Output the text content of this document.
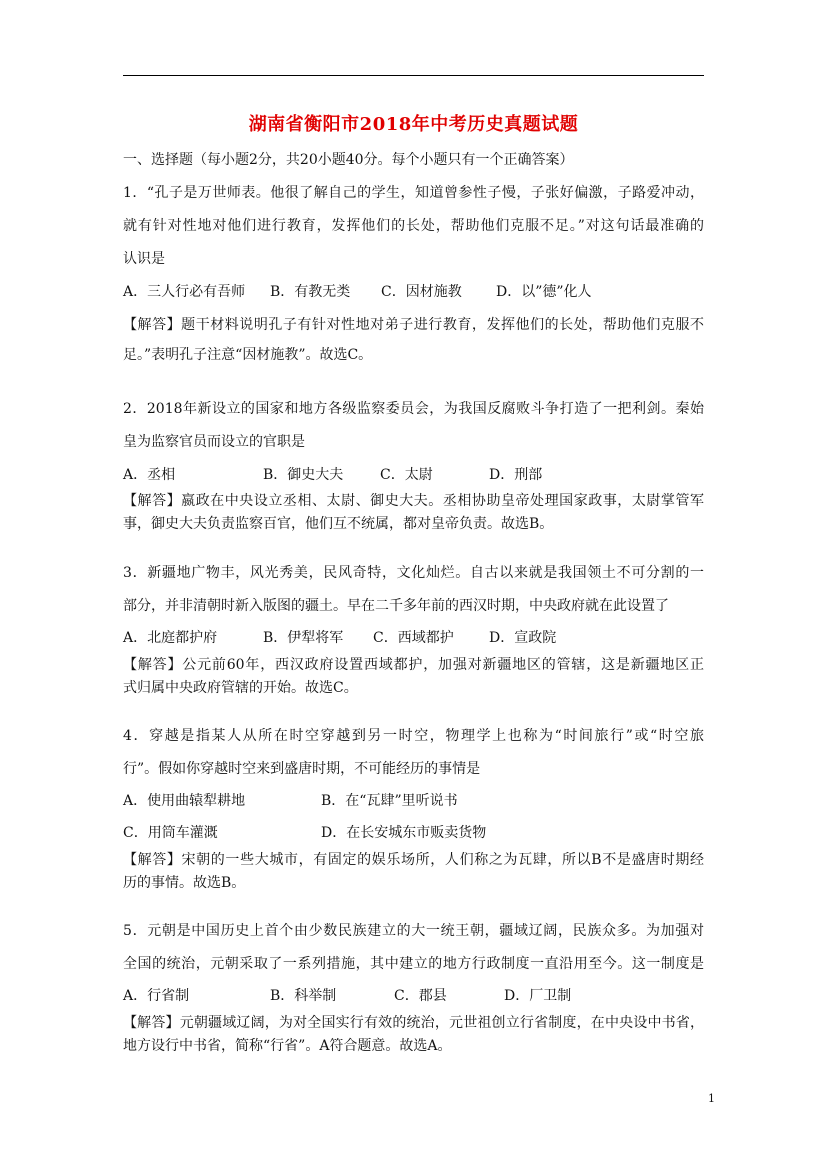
湖南省衡阳市2018年中考历史真题试题
一、选择题（每小题2分，共20小题40分。每个小题只有一个正确答案）
1．“孔子是万世师表。他很了解自己的学生，知道曾参性子慢，子张好偏激，子路爱冲动，
就有针对性地对他们进行教育，发挥他们的长处，帮助他们克服不足。”对这句话最准确的
认识是
A．三人行必有吾师 B．有教无类 C．因材施教 D．以”德”化人
【解答】题干材料说明孔子有针对性地对弟子进行教育，发挥他们的长处，帮助他们克服不
足。”表明孔子注意“因材施教”。故选C。
2．2018年新设立的国家和地方各级监察委员会，为我国反腐败斗争打造了一把利剑。秦始
皇为监察官员而设立的官职是
A．丞相	B．御史大夫	C．太尉	D．刑部
【解答】嬴政在中央设立丞相、太尉、御史大夫。丞相协助皇帝处理国家政事，太尉掌管军
事，御史大夫负责监察百官，他们互不统属，都对皇帝负责。故选B。
3．新疆地广物丰，风光秀美，民风奇特，文化灿烂。自古以来就是我国领土不可分割的一
部分，并非清朝时新入版图的疆土。早在二千多年前的西汉时期，中央政府就在此设置了
A．北庭都护府	B．伊犁将军 C．西域都护	D．宣政院
【解答】公元前60年，西汉政府设置西域都护，加强对新疆地区的管辖，这是新疆地区正
式归属中央政府管辖的开始。故选C。
4．穿越是指某人从所在时空穿越到另一时空，物理学上也称为“时间旅行”或“时空旅
行”。假如你穿越时空来到盛唐时期，不可能经历的事情是
A．使用曲辕犁耕地	B．在“瓦肆”里听说书
C．用筒车灌溉	D．在长安城东市贩卖货物
【解答】宋朝的一些大城市，有固定的娱乐场所，人们称之为瓦肆，所以B不是盛唐时期经
历的事情。故选B。
5．元朝是中国历史上首个由少数民族建立的大一统王朝，疆域辽阔，民族众多。为加强对
全国的统治，元朝采取了一系列措施，其中建立的地方行政制度一直沿用至今。这一制度是
A．行省制	B．科举制	C．郡县	D．厂卫制
【解答】元朝疆域辽阔，为对全国实行有效的统治，元世祖创立行省制度，在中央设中书省，
地方设行中书省，简称“行省”。A符合题意。故选A。
1
